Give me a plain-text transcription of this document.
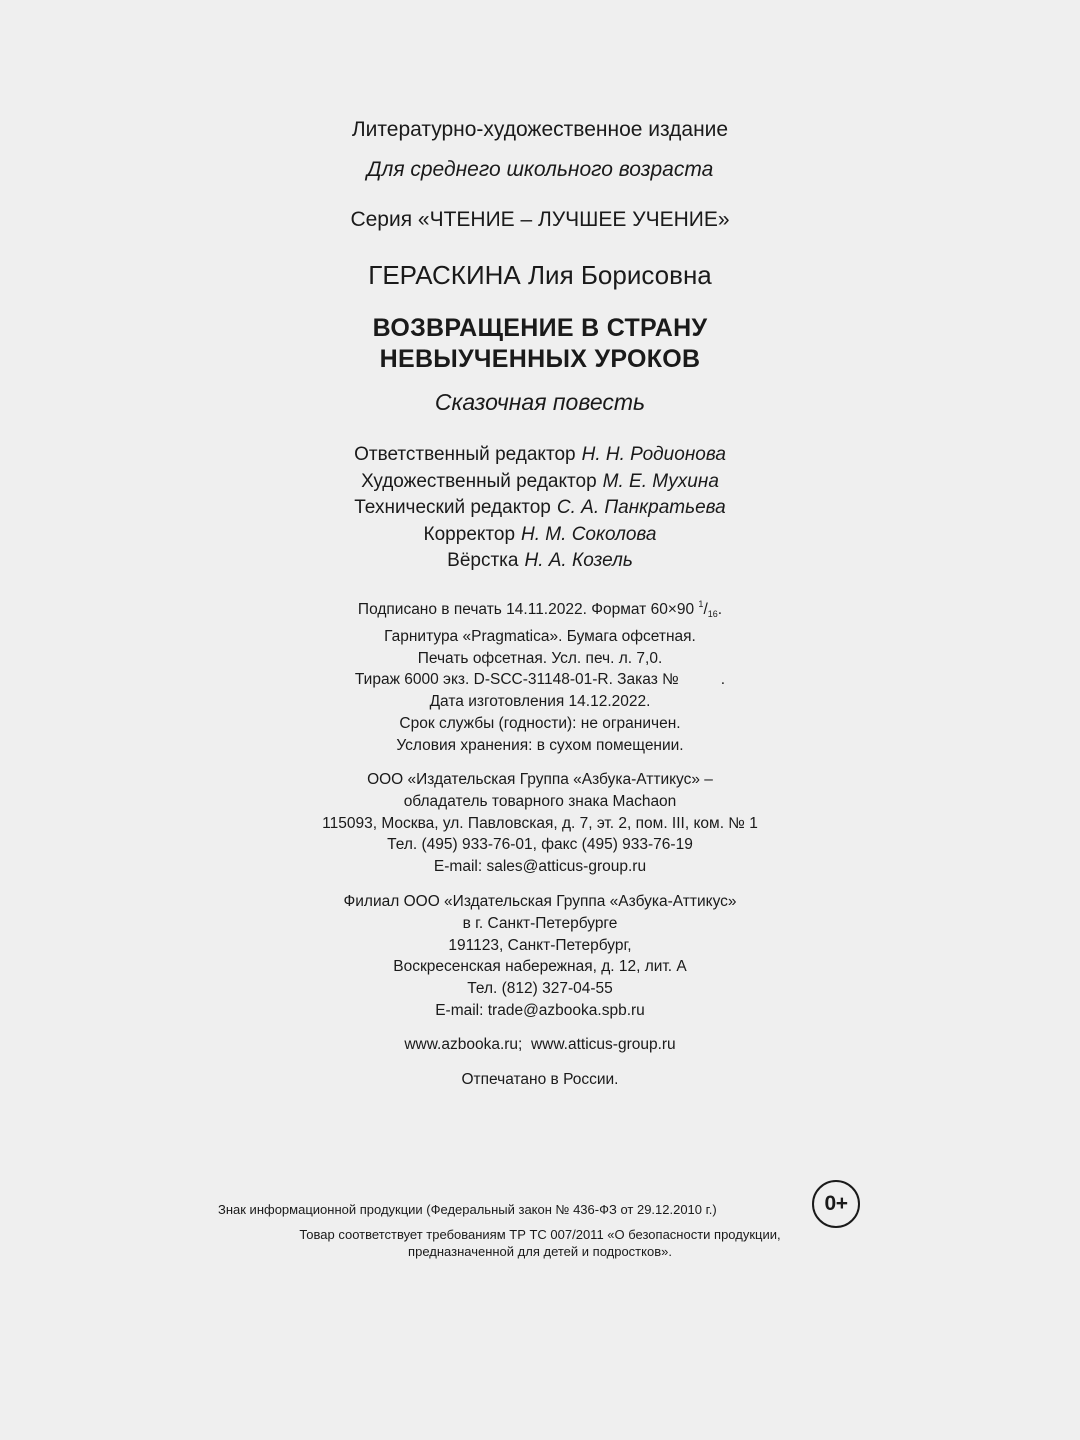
Литературно-художественное издание
Для среднего школьного возраста
Серия «ЧТЕНИЕ – ЛУЧШЕЕ УЧЕНИЕ»
ГЕРАСКИНА Лия Борисовна
ВОЗВРАЩЕНИЕ В СТРАНУ
НЕВЫУЧЕННЫХ УРОКОВ
Сказочная повесть
Ответственный редактор Н. Н. Родионова
Художественный редактор М. Е. Мухина
Технический редактор С. А. Панкратьева
Корректор Н. М. Соколова
Вёрстка Н. А. Козель
Подписано в печать 14.11.2022. Формат 60×90 $^1/_{16}$.
Гарнитура «Pragmatica». Бумага офсетная.
Печать офсетная. Усл. печ. л. 7,0.
Тираж 6000 экз. D-SCC-31148-01-R. Заказ №	.
Дата изготовления 14.12.2022.
Срок службы (годности): не ограничен.
Условия хранения: в сухом помещении.
ООО «Издательская Группа «Азбука-Аттикус» –
обладатель товарного знака Machaon
115093, Москва, ул. Павловская, д. 7, эт. 2, пом. III, ком. № 1
Тел. (495) 933-76-01, факс (495) 933-76-19
E-mail: sales@atticus-group.ru
Филиал ООО «Издательская Группа «Азбука-Аттикус»
в г. Санкт-Петербурге
191123, Санкт-Петербург,
Воскресенская набережная, д. 12, лит. А
Тел. (812) 327-04-55
E-mail: trade@azbooka.spb.ru
www.azbooka.ru;  www.atticus-group.ru
Отпечатано в России.
Знак информационной продукции (Федеральный закон № 436-ФЗ от 29.12.2010 г.)	0+
Товар соответствует требованиям ТР ТС 007/2011 «О безопасности продукции,
предназначенной для детей и подростков».
